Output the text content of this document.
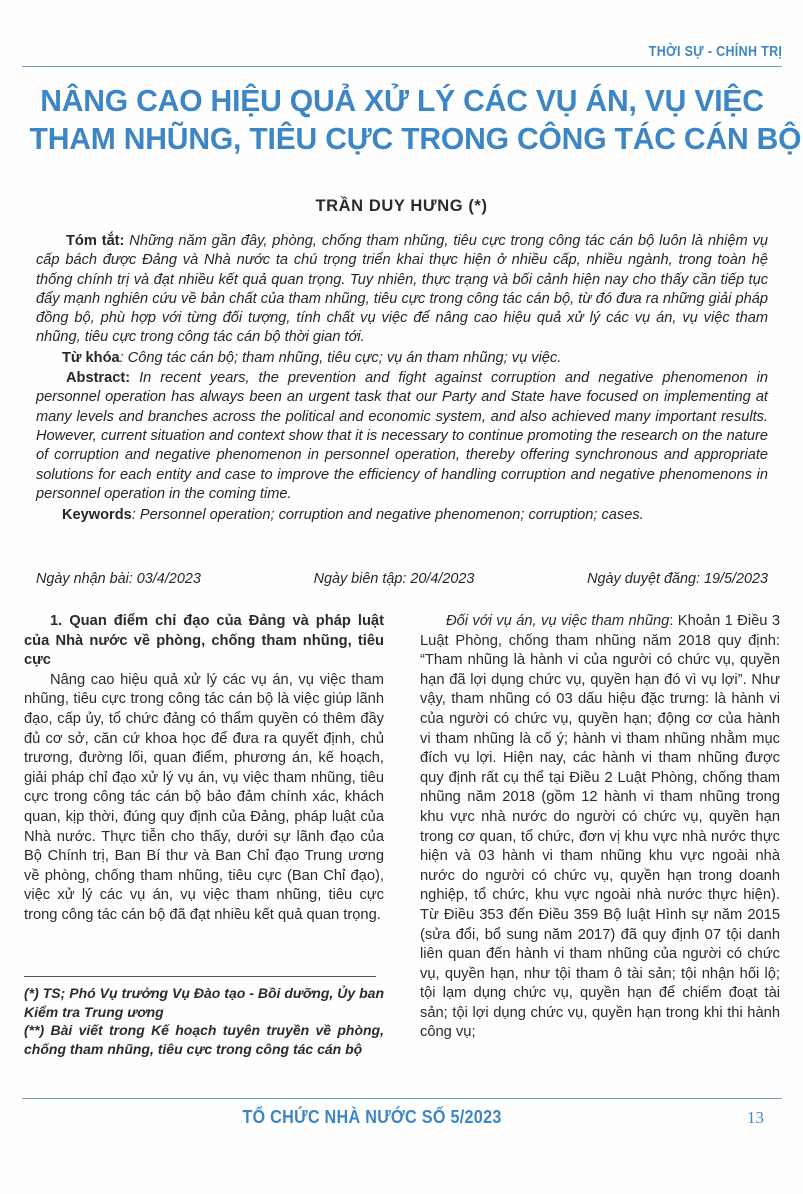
THỜI SỰ - CHÍNH TRỊ
NÂNG CAO HIỆU QUẢ XỬ LÝ CÁC VỤ ÁN, VỤ VIỆC
THAM NHŨNG, TIÊU CỰC TRONG CÔNG TÁC CÁN BỘ
TRẦN DUY HƯNG (*)

Tóm tắt: Những năm gần đây, phòng, chống tham nhũng, tiêu cực trong công tác cán bộ luôn là nhiệm vụ cấp bách được Đảng và Nhà nước ta chú trọng triển khai thực hiện ở nhiều cấp, nhiều ngành, trong toàn hệ thống chính trị và đạt nhiều kết quả quan trọng. Tuy nhiên, thực trạng và bối cảnh hiện nay cho thấy cần tiếp tục đẩy mạnh nghiên cứu về bản chất của tham nhũng, tiêu cực trong công tác cán bộ, từ đó đưa ra những giải pháp đồng bộ, phù hợp với từng đối tượng, tính chất vụ việc để nâng cao hiệu quả xử lý các vụ án, vụ việc tham nhũng, tiêu cực trong công tác cán bộ thời gian tới.

Từ khóa: Công tác cán bộ; tham nhũng, tiêu cực; vụ án tham nhũng; vụ việc.

Abstract: In recent years, the prevention and fight against corruption and negative phenomenon in personnel operation has always been an urgent task that our Party and State have focused on implementing at many levels and branches across the political and economic system, and also achieved many important results. However, current situation and context show that it is necessary to continue promoting the research on the nature of corruption and negative phenomenon in personnel operation, thereby offering synchronous and appropriate solutions for each entity and case to improve the efficiency of handling corruption and negative phenomenons in personnel operation in the coming time.

Keywords: Personnel operation; corruption and negative phenomenon; corruption; cases.

Ngày nhận bài: 03/4/2023	Ngày biên tập: 20/4/2023	Ngày duyệt đăng: 19/5/2023

1. Quan điểm chỉ đạo của Đảng và pháp luật của Nhà nước về phòng, chống tham nhũng, tiêu cực

Nâng cao hiệu quả xử lý các vụ án, vụ việc tham nhũng, tiêu cực trong công tác cán bộ là việc giúp lãnh đạo, cấp ủy, tổ chức đảng có thẩm quyền có thêm đầy đủ cơ sở, căn cứ khoa học để đưa ra quyết định, chủ trương, đường lối, quan điểm, phương án, kế hoạch, giải pháp chỉ đạo xử lý vụ án, vụ việc tham nhũng, tiêu cực trong công tác cán bộ bảo đảm chính xác, khách quan, kịp thời, đúng quy định của Đảng, pháp luật của Nhà nước. Thực tiễn cho thấy, dưới sự lãnh đạo của Bộ Chính trị, Ban Bí thư và Ban Chỉ đạo Trung ương về phòng, chống tham nhũng, tiêu cực (Ban Chỉ đạo), việc xử lý các vụ án, vụ việc tham nhũng, tiêu cực trong công tác cán bộ đã đạt nhiều kết quả quan trọng.

Đối với vụ án, vụ việc tham nhũng: Khoản 1 Điều 3 Luật Phòng, chống tham nhũng năm 2018 quy định: “Tham nhũng là hành vi của người có chức vụ, quyền hạn đã lợi dụng chức vụ, quyền hạn đó vì vụ lợi”. Như vậy, tham nhũng có 03 dấu hiệu đặc trưng: là hành vi của người có chức vụ, quyền hạn; động cơ của hành vi tham nhũng là cố ý; hành vi tham nhũng nhằm mục đích vụ lợi. Hiện nay, các hành vi tham nhũng được quy định rất cụ thể tại Điều 2 Luật Phòng, chống tham nhũng năm 2018 (gồm 12 hành vi tham nhũng trong khu vực nhà nước do người có chức vụ, quyền hạn trong cơ quan, tổ chức, đơn vị khu vực nhà nước thực hiện và 03 hành vi tham nhũng khu vực ngoài nhà nước do người có chức vụ, quyền hạn trong doanh nghiệp, tổ chức, khu vực ngoài nhà nước thực hiện). Từ Điều 353 đến Điều 359 Bộ luật Hình sự năm 2015 (sửa đổi, bổ sung năm 2017) đã quy định 07 tội danh liên quan đến hành vi tham nhũng của người có chức vụ, quyền hạn, như tội tham ô tài sản; tội nhận hối lộ; tội lạm dụng chức vụ, quyền hạn để chiếm đoạt tài sản; tội lợi dụng chức vụ, quyền hạn trong khi thi hành công vụ;

(*) TS; Phó Vụ trưởng Vụ Đào tạo - Bồi dưỡng, Ủy ban Kiểm tra Trung ương

(**) Bài viết trong Kế hoạch tuyên truyền về phòng, chống tham nhũng, tiêu cực trong công tác cán bộ

TỔ CHỨC NHÀ NƯỚC SỐ 5/2023	13
